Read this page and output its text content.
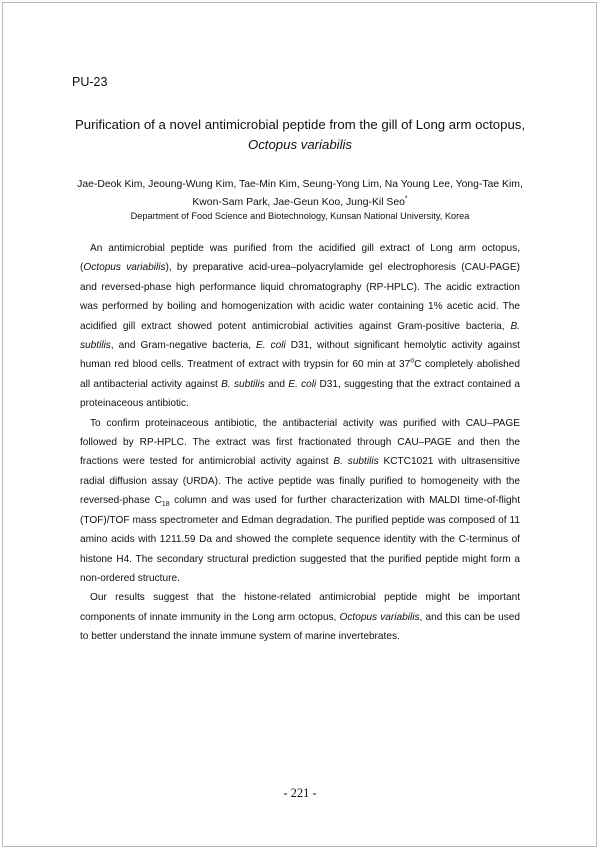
PU-23
Purification of a novel antimicrobial peptide from the gill of Long arm octopus,
Octopus variabilis
Jae-Deok Kim, Jeoung-Wung Kim, Tae-Min Kim, Seung-Yong Lim, Na Young Lee, Yong-Tae Kim,
Kwon-Sam Park, Jae-Geun Koo, Jung-Kil Seo*
Department of Food Science and Biotechnology, Kunsan National University, Korea

An antimicrobial peptide was purified from the acidified gill extract of Long arm octopus, (Octopus variabilis), by preparative acid-urea–polyacrylamide gel electrophoresis (CAU-PAGE) and reversed-phase high performance liquid chromatography (RP-HPLC). The acidic extraction was performed by boiling and homogenization with acidic water containing 1% acetic acid. The acidified gill extract showed potent antimicrobial activities against Gram-positive bacteria, B. subtilis, and Gram-negative bacteria, E. coli D31, without significant hemolytic activity against human red blood cells. Treatment of extract with trypsin for 60 min at 37$^o$C completely abolished all antibacterial activity against B. subtilis and E. coli D31, suggesting that the extract contained a proteinaceous antibiotic.

To confirm proteinaceous antibiotic, the antibacterial activity was purified with CAU–PAGE followed by RP-HPLC. The extract was first fractionated through CAU–PAGE and then the fractions were tested for antimicrobial activity against B. subtilis KCTC1021 with ultrasensitive radial diffusion assay (URDA). The active peptide was finally purified to homogeneity with the reversed-phase $C_{18}$ column and was used for further characterization with MALDI time-of-flight (TOF)/TOF mass spectrometer and Edman degradation. The purified peptide was composed of 11 amino acids with 1211.59 Da and showed the complete sequence identity with the C-terminus of histone H4. The secondary structural prediction suggested that the purified peptide might form a non-ordered structure.

Our results suggest that the histone-related antimicrobial peptide might be important components of innate immunity in the Long arm octopus, Octopus variabilis, and this can be used to better understand the innate immune system of marine invertebrates.

- 221 -
